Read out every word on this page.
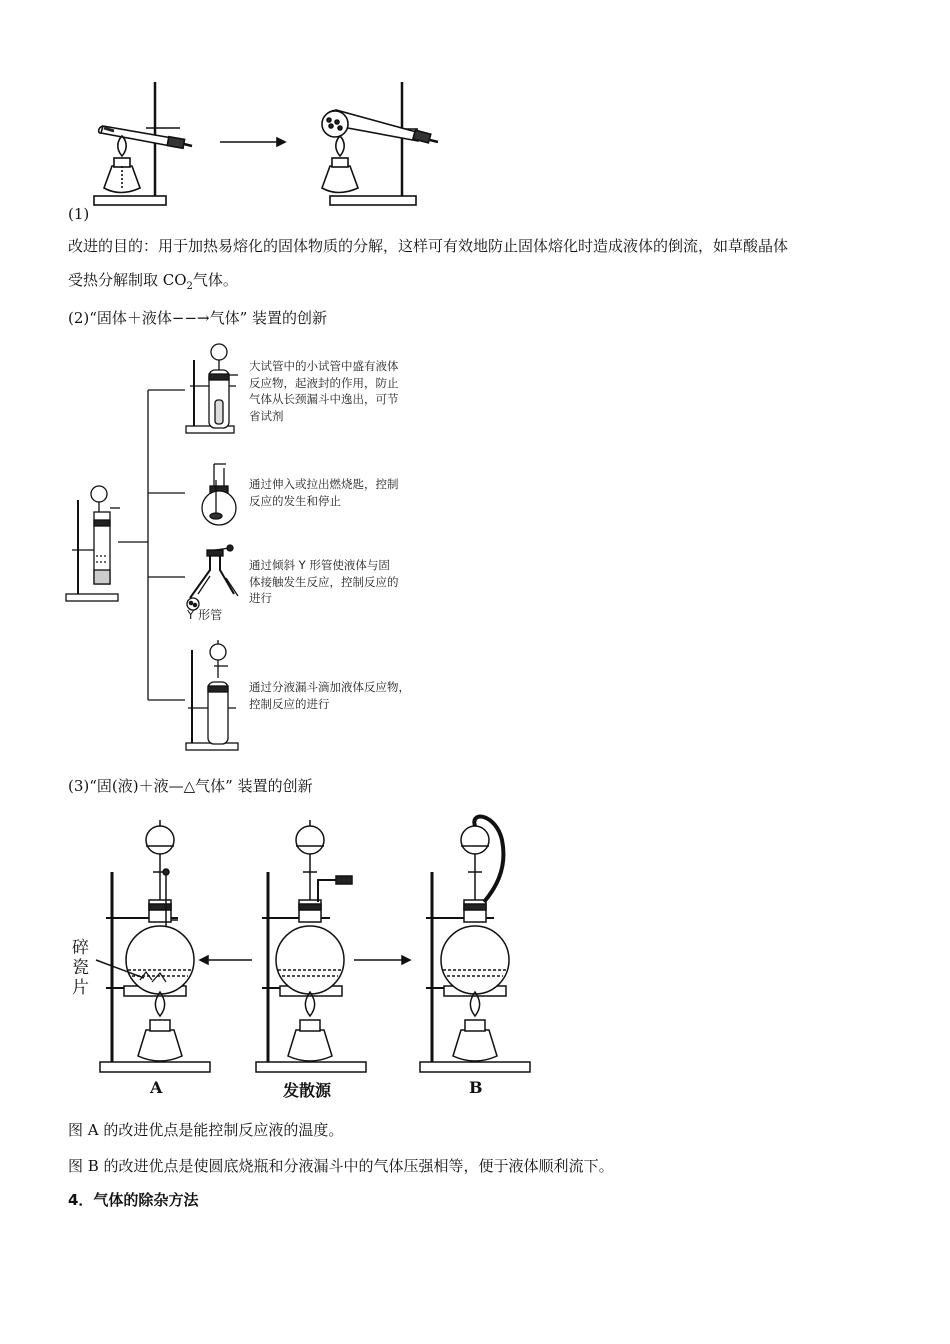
(1)
改进的目的：用于加热易熔化的固体物质的分解，这样可有效地防止固体熔化时造成液体的倒流，如草酸晶体
受热分解制取 $CO_2$气体。
(2)“固体＋液体−−→气体” 装置的创新
大试管中的小试管中盛有液体
反应物，起液封的作用，防止
气体从长颈漏斗中逸出，可节
省试剂
通过伸入或拉出燃烧匙，控制
反应的发生和停止
通过倾斜 Y 形管使液体与固
体接触发生反应，控制反应的
进行
通过分液漏斗滴加液体反应物，
控制反应的进行
Y 形管
(3)“固(液)＋液—△气体” 装置的创新
碎
瓷
片
A	发散源	B
图 A 的改进优点是能控制反应液的温度。
图 B 的改进优点是使圆底烧瓶和分液漏斗中的气体压强相等，便于液体顺利流下。
4．气体的除杂方法
